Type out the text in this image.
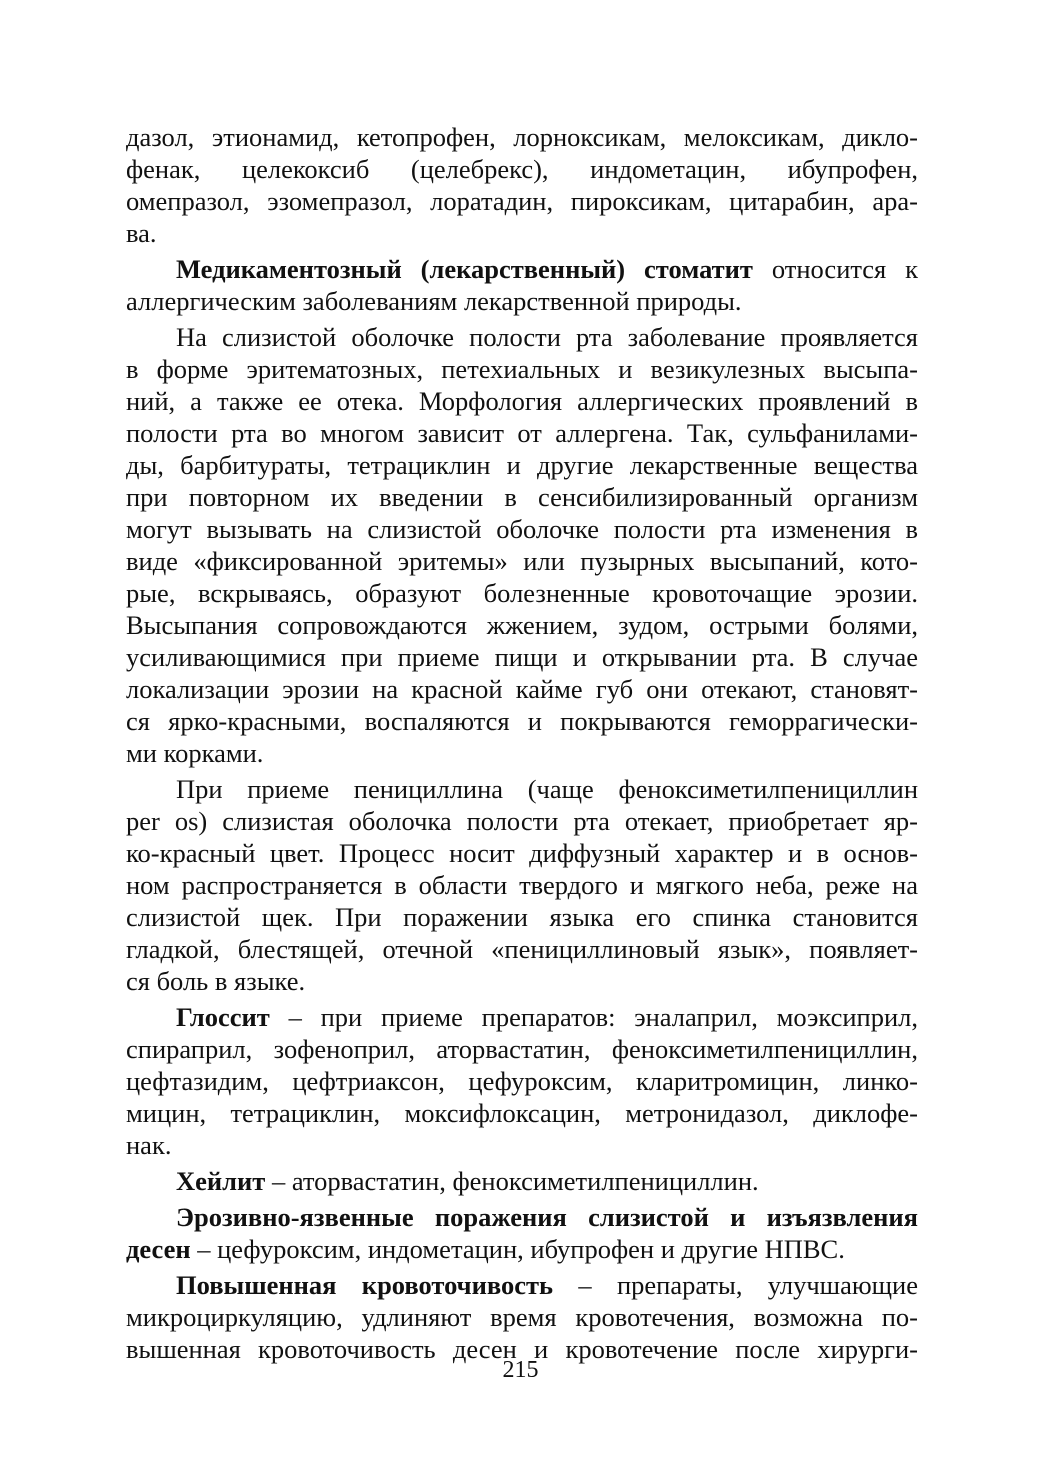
дазол, этионамид, кетопрофен, лорноксикам, мелоксикам, дикло-
фенак, целекоксиб (целебрекс), индометацин, ибупрофен,
омепразол, эзомепразол, лоратадин, пироксикам, цитарабин, ара-
ва.
Медикаментозный (лекарственный) стоматит относится к
аллергическим заболеваниям лекарственной природы.
На слизистой оболочке полости рта заболевание проявляется
в форме эритематозных, петехиальных и везикулезных высыпа-
ний, а также ее отека. Морфология аллергических проявлений в
полости рта во многом зависит от аллергена. Так, сульфанилами-
ды, барбитураты, тетрациклин и другие лекарственные вещества
при повторном их введении в сенсибилизированный организм
могут вызывать на слизистой оболочке полости рта изменения в
виде «фиксированной эритемы» или пузырных высыпаний, кото-
рые, вскрываясь, образуют болезненные кровоточащие эрозии.
Высыпания сопровождаются жжением, зудом, острыми болями,
усиливающимися при приеме пищи и открывании рта. В случае
локализации эрозии на красной кайме губ они отекают, становят-
ся ярко-красными, воспаляются и покрываются геморрагически-
ми корками.
При приеме пенициллина (чаще феноксиметилпенициллин
per os) слизистая оболочка полости рта отекает, приобретает яр-
ко-красный цвет. Процесс носит диффузный характер и в основ-
ном распространяется в области твердого и мягкого неба, реже на
слизистой щек. При поражении языка его спинка становится
гладкой, блестящей, отечной «пенициллиновый язык», появляет-
ся боль в языке.
Глоссит – при приеме препаратов: эналаприл, моэксиприл,
спираприл, зофеноприл, аторвастатин, феноксиметилпенициллин,
цефтазидим, цефтриаксон, цефуроксим, кларитромицин, линко-
мицин, тетрациклин, моксифлоксацин, метронидазол, диклофе-
нак.
Хейлит – аторвастатин, феноксиметилпенициллин.
Эрозивно-язвенные поражения слизистой и изъязвления
десен – цефуроксим, индометацин, ибупрофен и другие НПВС.
Повышенная кровоточивость – препараты, улучшающие
микроциркуляцию, удлиняют время кровотечения, возможна по-
вышенная кровоточивость десен и кровотечение после хирурги-
215
